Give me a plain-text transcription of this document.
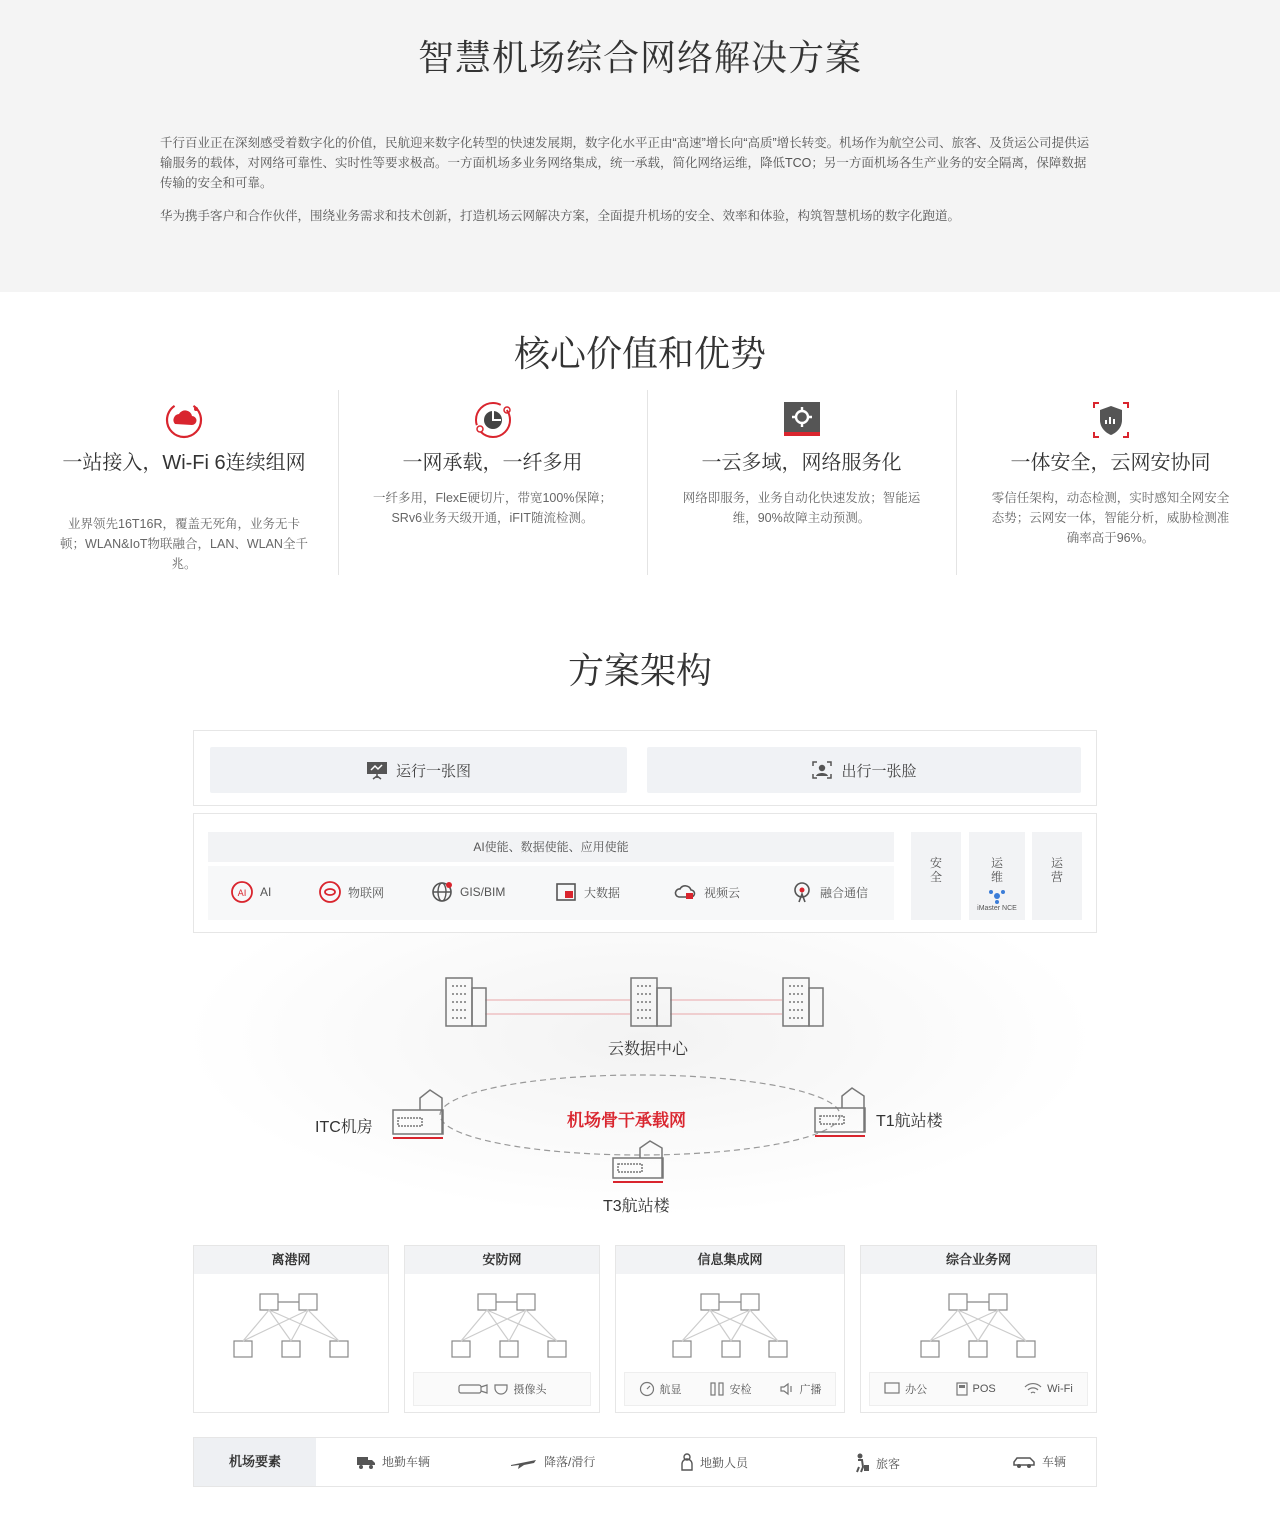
智慧机场综合网络解决方案

千行百业正在深刻感受着数字化的价值，民航迎来数字化转型的快速发展期，数字化水平正由“高速”增长向“高质”增长转变。机场作为航空公司、旅客、及货运公司提供运输服务的载体，对网络可靠性、实时性等要求极高。一方面机场多业务网络集成，统一承载，简化网络运维，降低TCO；另一方面机场各生产业务的安全隔离，保障数据传输的安全和可靠。

华为携手客户和合作伙伴，围绕业务需求和技术创新，打造机场云网解决方案，全面提升机场的安全、效率和体验，构筑智慧机场的数字化跑道。

核心价值和优势
一站接入，Wi-Fi 6连续组网

业界领先16T16R，覆盖无死角，业务无卡顿；WLAN&IoT物联融合，LAN、WLAN全千兆。

一网承载，一纤多用

一纤多用，FlexE硬切片，带宽100%保障；SRv6业务天级开通，iFIT随流检测。

一云多域，网络服务化

网络即服务，业务自动化快速发放；智能运维，90%故障主动预测。

一体安全，云网安协同

零信任架构，动态检测，实时感知全网安全态势；云网安一体，智能分析，威胁检测准确率高于96%。

方案架构
运行一张图	出行一张脸
AI使能、数据使能、应用使能
AI AI	物联网	GIS/BIM	大数据	视频云	融合通信
安全
运维
iMaster NCE
运营
云数据中心
机场骨干承载网
ITC机房	T1航站楼
T3航站楼
离港网	安防网
摄像头
信息集成网
航显	安检	广播
综合业务网
办公	POS	Wi-Fi
机场要素	地勤车辆	降落/滑行	地勤人员	旅客	车辆
